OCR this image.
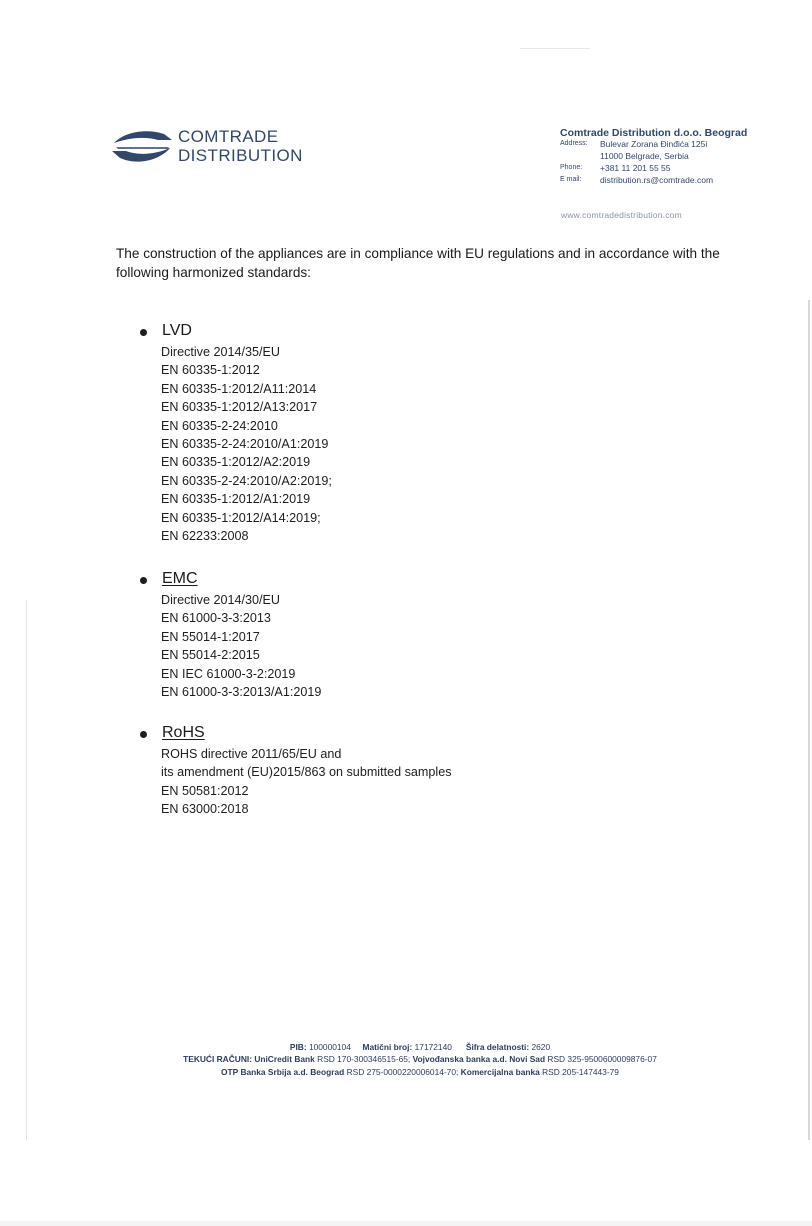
COMTRADE
DISTRIBUTION
Comtrade Distribution d.o.o. Beograd
Address: Bulevar Zorana Đinđića 125i
11000 Belgrade, Serbia
Phone: +381 11 201 55 55
E mail: distribution.rs@comtrade.com
www.comtradedistribution.com
The construction of the appliances are in compliance with EU regulations and in accordance with the following harmonized standards:
LVD
Directive 2014/35/EU
EN 60335-1:2012
EN 60335-1:2012/A11:2014
EN 60335-1:2012/A13:2017
EN 60335-2-24:2010
EN 60335-2-24:2010/A1:2019
EN 60335-1:2012/A2:2019
EN 60335-2-24:2010/A2:2019;
EN 60335-1:2012/A1:2019
EN 60335-1:2012/A14:2019;
EN 62233:2008
EMC
Directive 2014/30/EU
EN 61000-3-3:2013
EN 55014-1:2017
EN 55014-2:2015
EN IEC 61000-3-2:2019
EN 61000-3-3:2013/A1:2019
RoHS
ROHS directive 2011/65/EU and
its amendment (EU)2015/863 on submitted samples
EN 50581:2012
EN 63000:2018
PIB: 100000104 Matični broj: 17172140 Šifra delatnosti: 2620
TEKUĆI RAČUNI: UniCredit Bank RSD 170-300346515-65; Vojvođanska banka a.d. Novi Sad RSD 325-9500600009876-07
OTP Banka Srbija a.d. Beograd RSD 275-0000220006014-70; Komercijalna banka RSD 205-147443-79
